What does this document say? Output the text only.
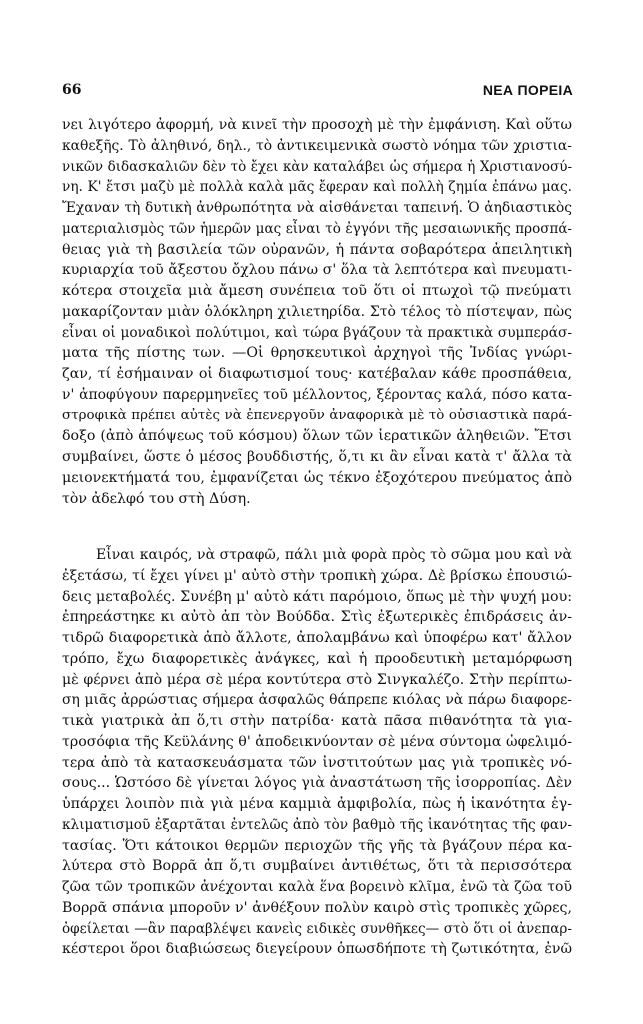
66	ΝΕΑ ΠΟΡΕΙΑ
νει λιγότερο ἀφορμή, νὰ κινεῖ τὴν προσοχὴ μὲ τὴν ἐμφάνιση. Καὶ οὕτω
καθεξῆς. Τὸ ἀληθινό, δηλ., τὸ ἀντικειμενικὰ σωστὸ νόημα τῶν χριστια-
νικῶν διδασκαλιῶν δὲν τὸ ἔχει κὰν καταλάβει ὡς σήμερα ἡ Χριστιανοσύ-
νη. Κ' ἔτσι μαζὺ μὲ πολλὰ καλὰ μᾶς ἔφεραν καὶ πολλὴ ζημία ἐπάνω μας.
Ἔχαναν τὴ δυτικὴ ἀνθρωπότητα νὰ αἰσθάνεται ταπεινή. Ὁ ἀηδιαστικὸς
ματεριαλισμὸς τῶν ἡμερῶν μας εἶναι τὸ ἐγγόνι τῆς μεσαιωνικῆς προσπά-
θειας γιὰ τὴ βασιλεία τῶν οὐρανῶν, ἡ πάντα σοβαρότερα ἀπειλητικὴ
κυριαρχία τοῦ ἄξεστου ὄχλου πάνω σ' ὅλα τὰ λεπτότερα καὶ πνευματι-
κότερα στοιχεῖα μιὰ ἄμεση συνέπεια τοῦ ὅτι οἱ πτωχοὶ τῷ πνεύματι
μακαρίζονταν μιὰν ὁλόκληρη χιλιετηρίδα. Στὸ τέλος τὸ πίστεψαν, πὼς
εἶναι οἱ μοναδικοὶ πολύτιμοι, καὶ τώρα βγάζουν τὰ πρακτικὰ συμπεράσ-
ματα τῆς πίστης των. —Οἱ θρησκευτικοὶ ἀρχηγοὶ τῆς Ἰνδίας γνώρι-
ζαν, τί ἐσήμαιναν οἱ διαφωτισμοί τους· κατέβαλαν κάθε προσπάθεια,
ν' ἀποφύγουν παρερμηνεῖες τοῦ μέλλοντος, ξέροντας καλά, πόσο κατα-
στροφικὰ πρέπει αὐτὲς νὰ ἐπενεργοῦν ἀναφορικὰ μὲ τὸ οὐσιαστικὰ παρά-
δοξο (ἀπὸ ἀπόψεως τοῦ κόσμου) ὅλων τῶν ἱερατικῶν ἀληθειῶν. Ἔτσι
συμβαίνει, ὥστε ὁ μέσος βουδδιστής, ὅ,τι κι ἂν εἶναι κατὰ τ' ἄλλα τὰ
μειονεκτήματά του, ἐμφανίζεται ὡς τέκνο ἐξοχότερου πνεύματος ἀπὸ
τὸν ἀδελφό του στὴ Δύση.
Εἶναι καιρός, νὰ στραφῶ, πάλι μιὰ φορὰ πρὸς τὸ σῶμα μου καὶ νὰ
ἐξετάσω, τί ἔχει γίνει μ' αὐτὸ στὴν τροπικὴ χώρα. Δὲ βρίσκω ἐπουσιώ-
δεις μεταβολές. Συνέβη μ' αὐτὸ κάτι παρόμοιο, ὅπως μὲ τὴν ψυχή μου:
ἐπηρεάστηκε κι αὐτὸ ἀπ τὸν Βούδδα. Στὶς ἐξωτερικὲς ἐπιδράσεις ἀν-
τιδρῶ διαφορετικὰ ἀπὸ ἄλλοτε, ἀπολαμβάνω καὶ ὑποφέρω κατ' ἄλλον
τρόπο, ἔχω διαφορετικὲς ἀνάγκες, καὶ ἡ προοδευτικὴ μεταμόρφωση
μὲ φέρνει ἀπὸ μέρα σὲ μέρα κοντύτερα στὸ Σινγκαλέζο. Στὴν περίπτω-
ση μιᾶς ἀρρώστιας σήμερα ἀσφαλῶς θάπρεπε κιόλας νὰ πάρω διαφορε-
τικὰ γιατρικὰ ἀπ ὅ,τι στὴν πατρίδα· κατὰ πᾶσα πιθανότητα τὰ για-
τροσόφια τῆς Κεϋλάνης θ' ἀποδεικνύονταν σὲ μένα σύντομα ὠφελιμό-
τερα ἀπὸ τὰ κατασκευάσματα τῶν ἰνστιτούτων μας γιὰ τροπικὲς νό-
σους... Ὡστόσο δὲ γίνεται λόγος γιὰ ἀναστάτωση τῆς ἰσορροπίας. Δὲν
ὑπάρχει λοιπὸν πιὰ γιὰ μένα καμμιὰ ἀμφιβολία, πὼς ἡ ἱκανότητα ἐγ-
κλιματισμοῦ ἐξαρτᾶται ἐντελῶς ἀπὸ τὸν βαθμὸ τῆς ἱκανότητας τῆς φαν-
τασίας. Ὅτι κάτοικοι θερμῶν περιοχῶν τῆς γῆς τὰ βγάζουν πέρα κα-
λύτερα στὸ Βορρᾶ ἀπ ὅ,τι συμβαίνει ἀντιθέτως, ὅτι τὰ περισσότερα
ζῶα τῶν τροπικῶν ἀνέχονται καλὰ ἕνα βορεινὸ κλῖμα, ἐνῶ τὰ ζῶα τοῦ
Βορρᾶ σπάνια μποροῦν ν' ἀνθέξουν πολὺν καιρὸ στὶς τροπικὲς χῶρες,
ὀφείλεται —ἂν παραβλέψει κανεὶς ειδικὲς συνθῆκες— στὸ ὅτι οἱ ἀνεπαρ-
κέστεροι ὅροι διαβιώσεως διεγείρουν ὁπωσδήποτε τὴ ζωτικότητα, ἐνῶ
